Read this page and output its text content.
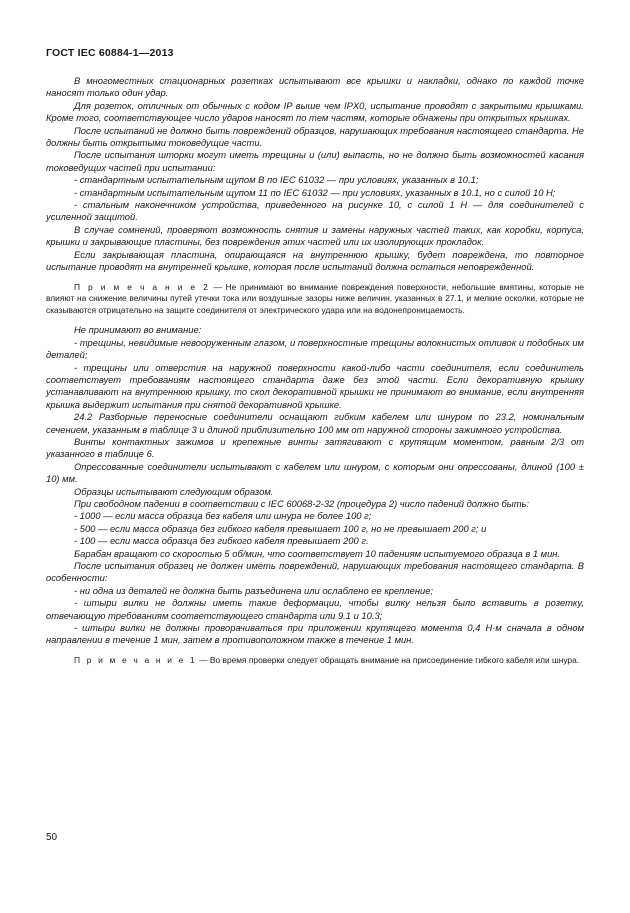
ГОСТ IEC 60884-1—2013

В многоместных стационарных розетках испытывают все крышки и накладки, однако по каждой точке наносят только один удар.

Для розеток, отличных от обычных с кодом IP выше чем IPX0, испытание проводят с закрытыми крышками. Кроме того, соответствующее число ударов наносят по тем частям, которые обнажены при открытых крышках.

После испытаний не должно быть повреждений образцов, нарушающих требования настоящего стандарта. Не должны быть открытыми токоведущие части.

После испытания шторки могут иметь трещины и (или) выпасть, но не должно быть возможностей касания токоведущих частей при испытании:

- стандартным испытательным щупом B по IEC 61032 — при условиях, указанных в 10.1;

- стандартным испытательным щупом 11 по IEC 61032 — при условиях, указанных в 10.1, но с силой 10 Н;

- стальным наконечником устройства, приведенного на рисунке 10, с силой 1 Н — для соединителей с усиленной защитой.

В случае сомнений, проверяют возможность снятия и замены наружных частей таких, как коробки, корпуса, крышки и закрывающие пластины, без повреждения этих частей или их изолирующих прокладок.

Если закрывающая пластина, опирающаяся на внутреннюю крышку, будет повреждена, то повторное испытание проводят на внутренней крышке, которая после испытаний должна остаться неповрежденной.

П р и м е ч а н и е 2 — Не принимают во внимание повреждения поверхности, небольшие вмятины, которые не влияют на снижение величины путей утечки тока или воздушные зазоры ниже величин, указанных в 27.1, и мелкие осколки, которые не сказываются отрицательно на защите соединителя от электрического удара или на водонепроницаемость.

Не принимают во внимание:

- трещины, невидимые невооруженным глазом, и поверхностные трещины волокнистых отливок и подобных им деталей;

- трещины или отверстия на наружной поверхности какой-либо части соединителя, если соединитель соответствует требованиям настоящего стандарта даже без этой части. Если декоративную крышку устанавливают на внутреннюю крышку, то скол декоративной крышки не принимают во внимание, если внутренняя крышка выдержит испытания при снятой декоративной крышке.

24.2 Разборные переносные соединители оснащают гибким кабелем или шнуром по 23.2, номинальным сечением, указанным в таблице 3 и длиной приблизительно 100 мм от наружной стороны зажимного устройства.

Винты контактных зажимов и крепежные винты затягивают с крутящим моментом, равным 2/3 от указанного в таблице 6.

Опрессованные соединители испытывают с кабелем или шнуром, с которым они опрессованы, длиной (100 ± 10) мм.

Образцы испытывают следующим образом.

При свободном падении в соответствии с IEC 60068-2-32 (процедура 2) число падений должно быть:

- 1000 — если масса образца без кабеля или шнура не более 100 г;

- 500 — если масса образца без гибкого кабеля превышает 100 г, но не превышает 200 г; и

- 100 — если масса образца без гибкого кабеля превышает 200 г.

Барабан вращают со скоростью 5 об/мин, что соответствует 10 падениям испытуемого образца в 1 мин.

После испытания образец не должен иметь повреждений, нарушающих требования настоящего стандарта. В особенности:

- ни одна из деталей не должна быть разъединена или ослаблено ее крепление;

- штыри вилки не должны иметь такие деформации, чтобы вилку нельзя было вставить в розетку, отвечающую требованиям соответствующего стандарта или 9.1 и 10.3;

- штыри вилки не должны проворачиваться при приложении крутящего момента 0,4 Н·м сначала в одном направлении в течение 1 мин, затем в противоположном также в течение 1 мин.

П р и м е ч а н и е 1 — Во время проверки следует обращать внимание на присоединение гибкого кабеля или шнура.

50
